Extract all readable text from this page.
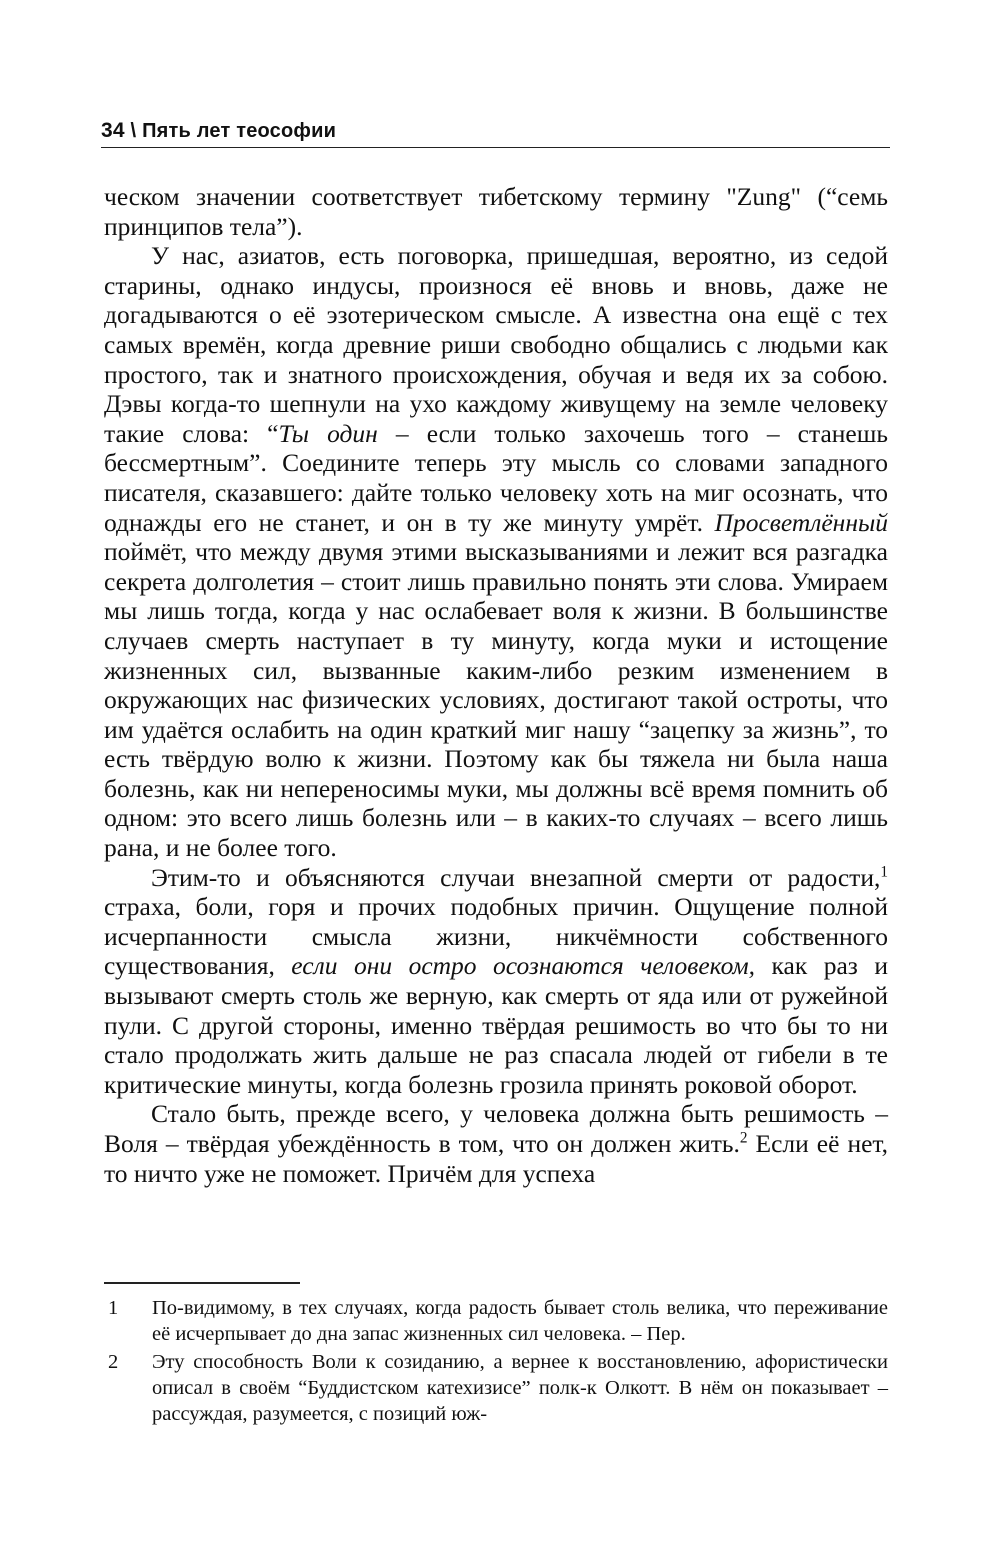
34 \ Пять лет теософии

ческом значении соответствует тибетскому термину "Zung" (“семь принципов тела”).

У нас, азиатов, есть поговорка, пришедшая, вероятно, из седой старины, однако индусы, произнося её вновь и вновь, даже не догадываются о её эзотерическом смысле. А известна она ещё с тех самых времён, когда древние риши свободно общались с людьми как простого, так и знатного происхождения, обучая и ведя их за собою. Дэвы когда-то шепнули на ухо каждому живущему на земле человеку такие слова: “Ты один – если только захочешь того – станешь бессмертным”. Соедините теперь эту мысль со словами западного писателя, сказавшего: дайте только человеку хоть на миг осознать, что однажды его не станет, и он в ту же минуту умрёт. Просветлённый поймёт, что между двумя этими высказываниями и лежит вся разгадка секрета долголетия – стоит лишь правильно понять эти слова. Умираем мы лишь тогда, когда у нас ослабевает воля к жизни. В большинстве случаев смерть наступает в ту минуту, когда муки и истощение жизненных сил, вызванные каким-либо резким изменением в окружающих нас физических условиях, достигают такой остроты, что им удаётся ослабить на один краткий миг нашу “зацепку за жизнь”, то есть твёрдую волю к жизни. Поэтому как бы тяжела ни была наша болезнь, как ни непереносимы муки, мы должны всё время помнить об одном: это всего лишь болезнь или – в каких-то случаях – всего лишь рана, и не более того.

Этим-то и объясняются случаи внезапной смерти от радости,$^1$ страха, боли, горя и прочих подобных причин. Ощущение полной исчерпанности смысла жизни, никчёмности собственного существования, если они остро осознаются человеком, как раз и вызывают смерть столь же верную, как смерть от яда или от ружейной пули. С другой стороны, именно твёрдая решимость во что бы то ни стало продолжать жить дальше не раз спасала людей от гибели в те критические минуты, когда болезнь грозила принять роковой оборот.

Стало быть, прежде всего, у человека должна быть решимость – Воля – твёрдая убеждённость в том, что он должен жить.$^2$ Если её нет, то ничто уже не поможет. Причём для успеха

1	По-видимому, в тех случаях, когда радость бывает столь велика, что переживание её исчерпывает до дна запас жизненных сил человека. – Пер.
2	Эту способность Воли к созиданию, а вернее к восстановлению, афористически описал в своём “Буддистском катехизисе” полк-к Олкотт. В нём он показывает – рассуждая, разумеется, с позиций юж-
